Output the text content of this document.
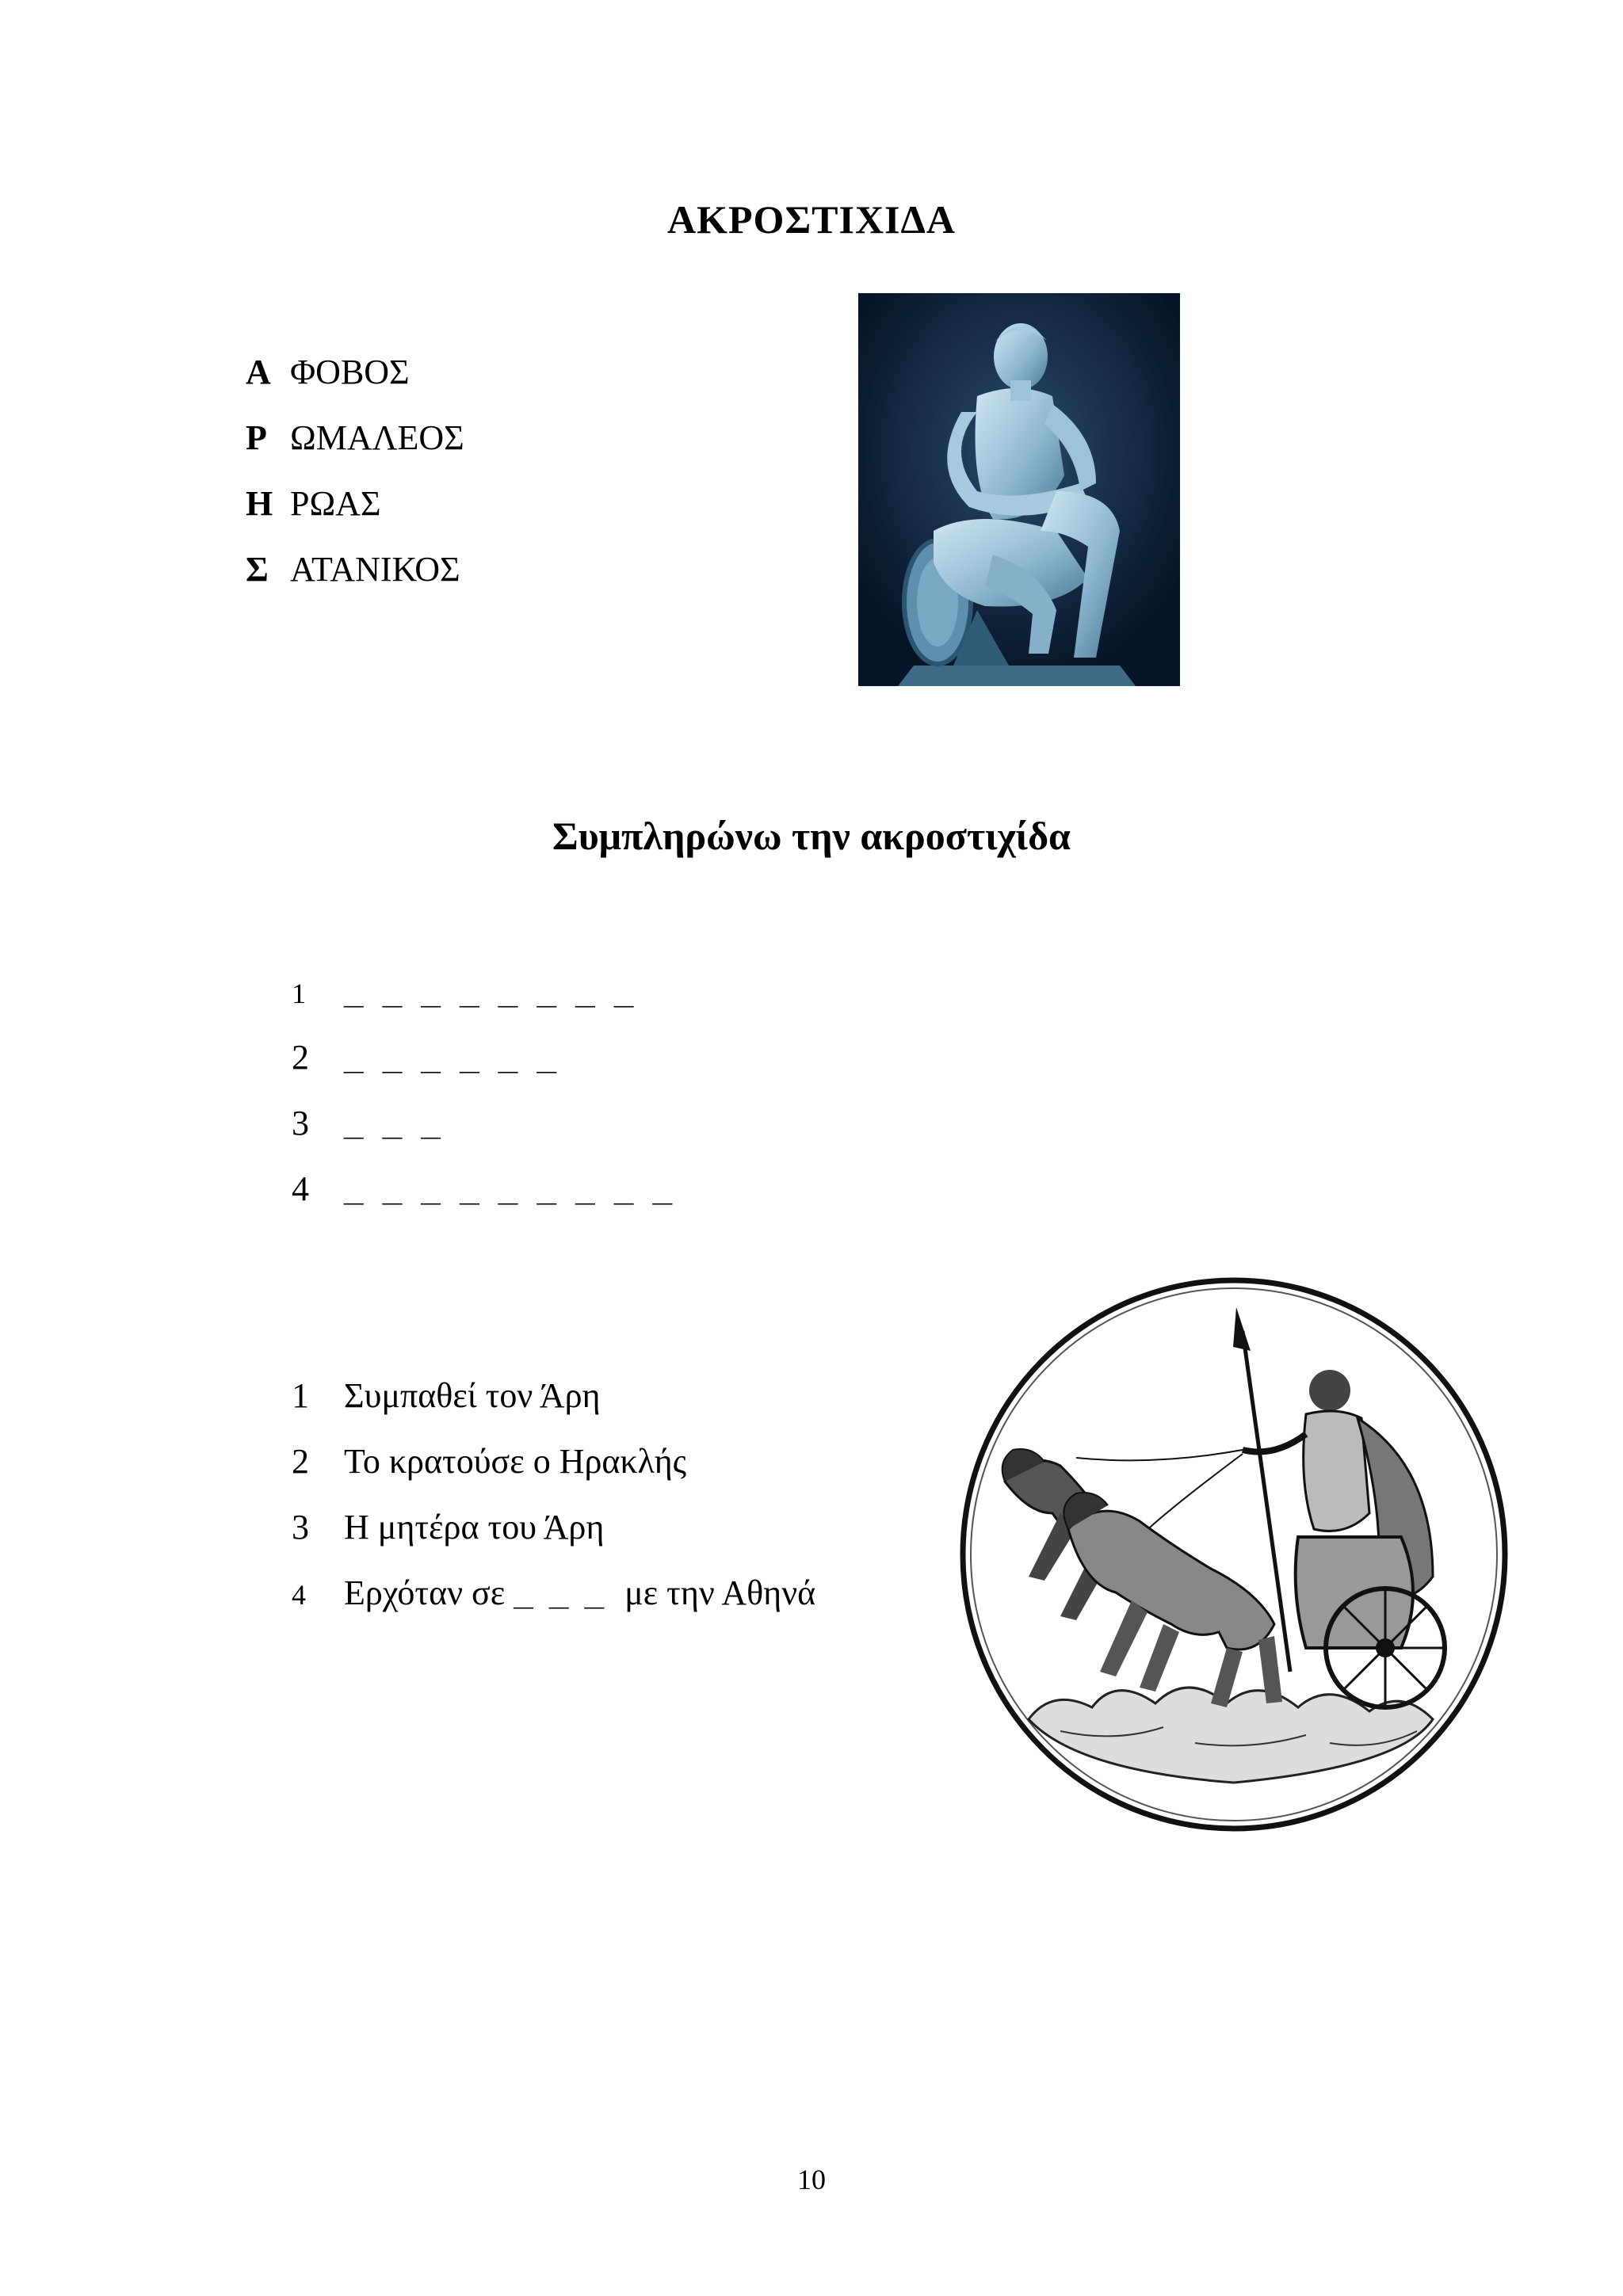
ΑΚΡΟΣΤΙΧΙΔΑ
Α ΦΟΒΟΣ
Ρ ΩΜΑΛΕΟΣ
Η ΡΩΑΣ
Σ ΑΤΑΝΙΚΟΣ
Συμπληρώνω την ακροστιχίδα
1 _ _ _ _ _ _ _ _
2 _ _ _ _ _ _
3 _ _ _
4 _ _ _ _ _ _ _ _ _
1 Συμπαθεί τον Άρη
2 Το κρατούσε ο Ηρακλής
3 Η μητέρα του Άρη
4 Ερχόταν σε _ _ _ με την Αθηνά
10
